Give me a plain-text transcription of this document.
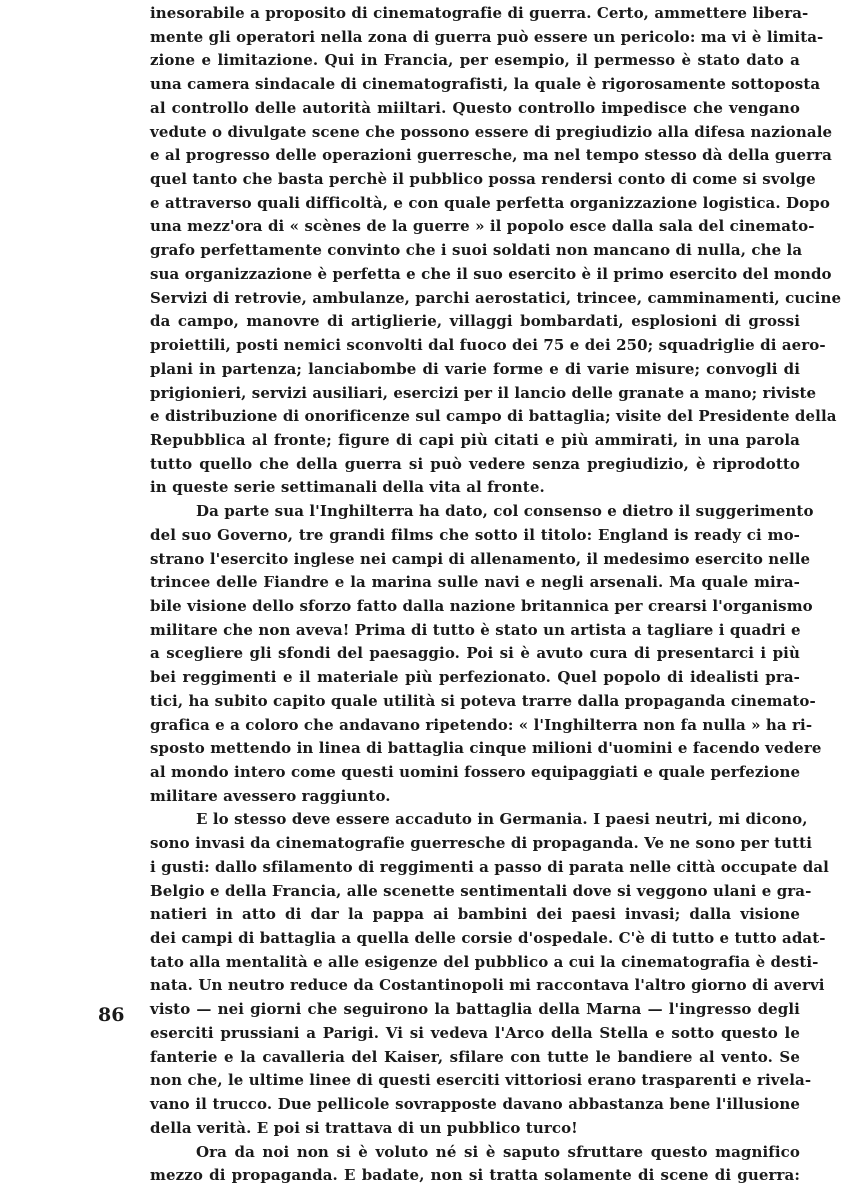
inesorabile a proposito di cinematografie di guerra. Certo, ammettere libera-
mente gli operatori nella zona di guerra può essere un pericolo: ma vi è limita-
zione e limitazione. Qui in Francia, per esempio, il permesso è stato dato a
una camera sindacale di cinematografisti, la quale è rigorosamente sottoposta
al controllo delle autorità miiltari. Questo controllo impedisce che vengano
vedute o divulgate scene che possono essere di pregiudizio alla difesa nazionale
e al progresso delle operazioni guerresche, ma nel tempo stesso dà della guerra
quel tanto che basta perchè il pubblico possa rendersi conto di come si svolge
e attraverso quali difficoltà, e con quale perfetta organizzazione logistica. Dopo
una mezz'ora di « scènes de la guerre » il popolo esce dalla sala del cinemato-
grafo perfettamente convinto che i suoi soldati non mancano di nulla, che la
sua organizzazione è perfetta e che il suo esercito è il primo esercito del mondo
Servizi di retrovie, ambulanze, parchi aerostatici, trincee, camminamenti, cucine
da campo, manovre di artiglierie, villaggi bombardati, esplosioni di grossi
proiettili, posti nemici sconvolti dal fuoco dei 75 e dei 250; squadriglie di aero-
plani in partenza; lanciabombe di varie forme e di varie misure; convogli di
prigionieri, servizi ausiliari, esercizi per il lancio delle granate a mano; riviste
e distribuzione di onorificenze sul campo di battaglia; visite del Presidente della
Repubblica al fronte; figure di capi più citati e più ammirati, in una parola
tutto quello che della guerra si può vedere senza pregiudizio, è riprodotto
in queste serie settimanali della vita al fronte.
Da parte sua l'Inghilterra ha dato, col consenso e dietro il suggerimento
del suo Governo, tre grandi films che sotto il titolo: England is ready ci mo-
strano l'esercito inglese nei campi di allenamento, il medesimo esercito nelle
trincee delle Fiandre e la marina sulle navi e negli arsenali. Ma quale mira-
bile visione dello sforzo fatto dalla nazione britannica per crearsi l'organismo
militare che non aveva! Prima di tutto è stato un artista a tagliare i quadri e
a scegliere gli sfondi del paesaggio. Poi si è avuto cura di presentarci i più
bei reggimenti e il materiale più perfezionato. Quel popolo di idealisti pra-
tici, ha subito capito quale utilità si poteva trarre dalla propaganda cinemato-
grafica e a coloro che andavano ripetendo: « l'Inghilterra non fa nulla » ha ri-
sposto mettendo in linea di battaglia cinque milioni d'uomini e facendo vedere
al mondo intero come questi uomini fossero equipaggiati e quale perfezione
militare avessero raggiunto.
E lo stesso deve essere accaduto in Germania. I paesi neutri, mi dicono,
sono invasi da cinematografie guerresche di propaganda. Ve ne sono per tutti
i gusti: dallo sfilamento di reggimenti a passo di parata nelle città occupate dal
Belgio e della Francia, alle scenette sentimentali dove si veggono ulani e gra-
natieri in atto di dar la pappa ai bambini dei paesi invasi; dalla visione
dei campi di battaglia a quella delle corsie d'ospedale. C'è di tutto e tutto adat-
tato alla mentalità e alle esigenze del pubblico a cui la cinematografia è desti-
nata. Un neutro reduce da Costantinopoli mi raccontava l'altro giorno di avervi
visto — nei giorni che seguirono la battaglia della Marna — l'ingresso degli
eserciti prussiani a Parigi. Vi si vedeva l'Arco della Stella e sotto questo le
fanterie e la cavalleria del Kaiser, sfilare con tutte le bandiere al vento. Se
non che, le ultime linee di questi eserciti vittoriosi erano trasparenti e rivela-
vano il trucco. Due pellicole sovrapposte davano abbastanza bene l'illusione
della verità. E poi si trattava di un pubblico turco!
Ora da noi non si è voluto né si è saputo sfruttare questo magnifico
mezzo di propaganda. E badate, non si tratta solamente di scene di guerra:
86
